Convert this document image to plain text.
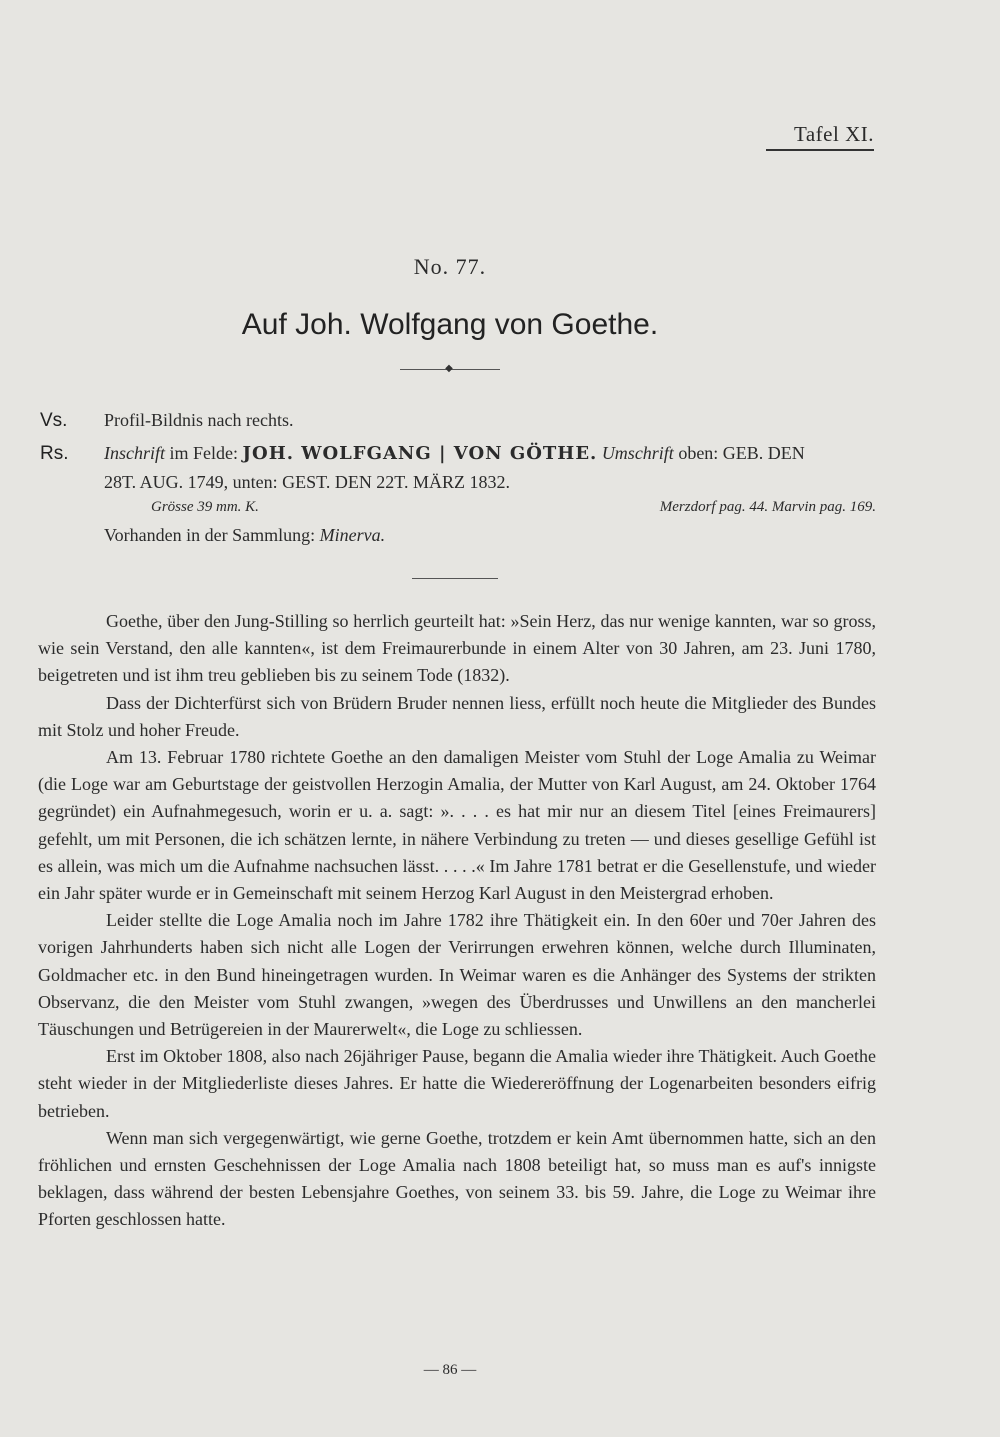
Tafel XI.
No. 77.
Auf Joh. Wolfgang von Goethe.
◆
Vs. Profil-Bildnis nach rechts.
Rs. Inschrift im Felde: JOH. WOLFGANG | VON GÖTHE. Umschrift oben: GEB. DEN
28T. AUG. 1749, unten: GEST. DEN 22T. MÄRZ 1832.
Grösse 39 mm. K.	Merzdorf pag. 44. Marvin pag. 169.
Vorhanden in der Sammlung: Minerva.

Goethe, über den Jung-Stilling so herrlich geurteilt hat: »Sein Herz, das nur wenige kannten, war so gross, wie sein Verstand, den alle kannten«, ist dem Freimaurerbunde in einem Alter von 30 Jahren, am 23. Juni 1780, beigetreten und ist ihm treu geblieben bis zu seinem Tode (1832).

Dass der Dichterfürst sich von Brüdern Bruder nennen liess, erfüllt noch heute die Mitglieder des Bundes mit Stolz und hoher Freude.

Am 13. Februar 1780 richtete Goethe an den damaligen Meister vom Stuhl der Loge Amalia zu Weimar (die Loge war am Geburtstage der geistvollen Herzogin Amalia, der Mutter von Karl August, am 24. Oktober 1764 gegründet) ein Aufnahmegesuch, worin er u. a. sagt: ». . . . es hat mir nur an diesem Titel [eines Freimaurers] gefehlt, um mit Personen, die ich schätzen lernte, in nähere Verbindung zu treten — und dieses gesellige Gefühl ist es allein, was mich um die Aufnahme nachsuchen lässt. . . . .« Im Jahre 1781 betrat er die Gesellenstufe, und wieder ein Jahr später wurde er in Gemeinschaft mit seinem Herzog Karl August in den Meistergrad erhoben.

Leider stellte die Loge Amalia noch im Jahre 1782 ihre Thätigkeit ein. In den 60er und 70er Jahren des vorigen Jahrhunderts haben sich nicht alle Logen der Verirrungen erwehren können, welche durch Illuminaten, Goldmacher etc. in den Bund hineingetragen wurden. In Weimar waren es die Anhänger des Systems der strikten Observanz, die den Meister vom Stuhl zwangen, »wegen des Überdrusses und Unwillens an den mancherlei Täuschungen und Betrügereien in der Maurerwelt«, die Loge zu schliessen.

Erst im Oktober 1808, also nach 26jähriger Pause, begann die Amalia wieder ihre Thätigkeit. Auch Goethe steht wieder in der Mitgliederliste dieses Jahres. Er hatte die Wiedereröffnung der Logenarbeiten besonders eifrig betrieben.

Wenn man sich vergegenwärtigt, wie gerne Goethe, trotzdem er kein Amt übernommen hatte, sich an den fröhlichen und ernsten Geschehnissen der Loge Amalia nach 1808 beteiligt hat, so muss man es auf's innigste beklagen, dass während der besten Lebensjahre Goethes, von seinem 33. bis 59. Jahre, die Loge zu Weimar ihre Pforten geschlossen hatte.

— 86 —
